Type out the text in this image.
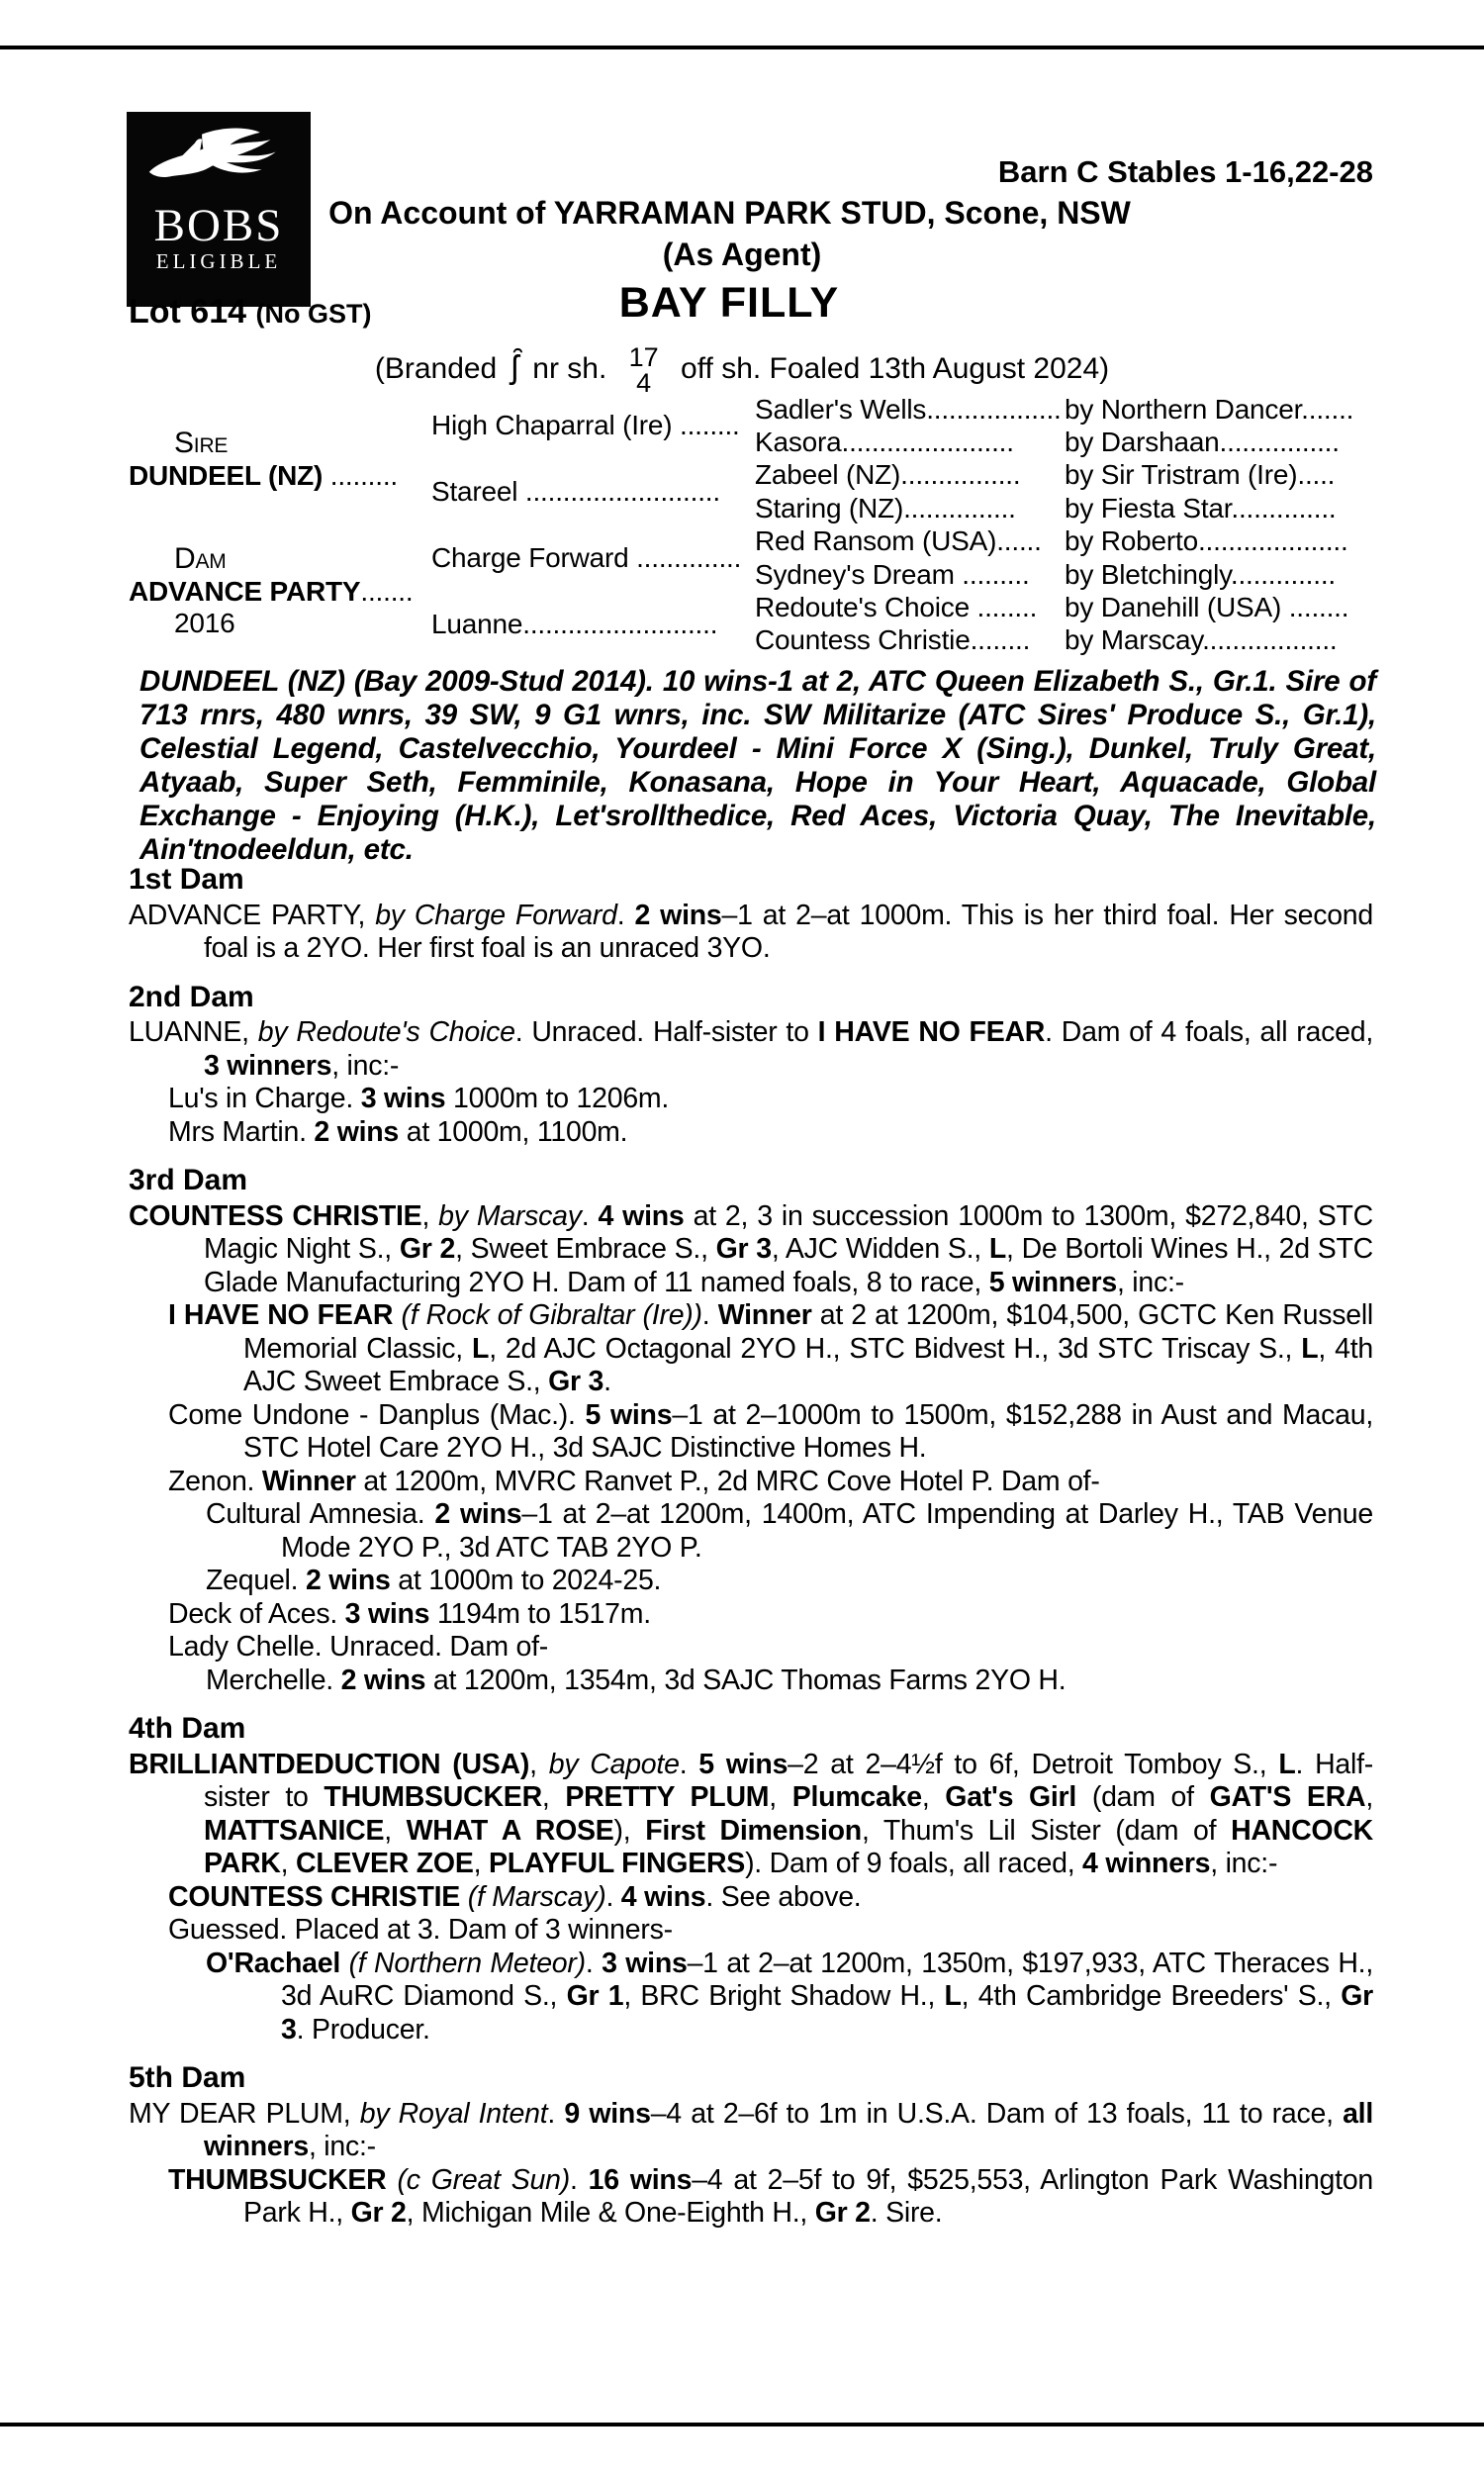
BOBS
ELIGIBLE
Barn C Stables 1-16,22-28
On Account of YARRAMAN PARK STUD, Scone, NSW
(As Agent)
Lot 614 (No GST)	BAY FILLY
(Branded ʃ̑ nr sh. 17
4 off sh. Foaled 13th August 2024)
Sire
DUNDEEL (NZ) .........
Dam
ADVANCE PARTY.......
2016
High Chaparral (Ire) ........
Stareel ..........................
Charge Forward ..............
Luanne..........................
Sadler's Wells..................
Kasora.......................
Zabeel (NZ)................
Staring (NZ)...............
Red Ransom (USA)......
Sydney's Dream .........
Redoute's Choice ........
Countess Christie........
by Northern Dancer.......
by Darshaan................
by Sir Tristram (Ire).....
by Fiesta Star..............
by Roberto....................
by Bletchingly..............
by Danehill (USA) ........
by Marscay..................
DUNDEEL (NZ) (Bay 2009-Stud 2014). 10 wins-1 at 2, ATC Queen Elizabeth S., Gr.1. Sire of 713 rnrs, 480 wnrs, 39 SW, 9 G1 wnrs, inc. SW Militarize (ATC Sires' Produce S., Gr.1), Celestial Legend, Castelvecchio, Yourdeel - Mini Force X (Sing.), Dunkel, Truly Great, Atyaab, Super Seth, Femminile, Konasana, Hope in Your Heart, Aquacade, Global Exchange - Enjoying (H.K.), Let'srollthedice, Red Aces, Victoria Quay, The Inevitable, Ain'tnodeeldun, etc.
1st Dam

ADVANCE PARTY, by Charge Forward. 2 wins–1 at 2–at 1000m. This is her third foal. Her second foal is a 2YO. Her first foal is an unraced 3YO.

2nd Dam

LUANNE, by Redoute's Choice. Unraced. Half-sister to I HAVE NO FEAR. Dam of 4 foals, all raced, 3 winners, inc:-

Lu's in Charge. 3 wins 1000m to 1206m.

Mrs Martin. 2 wins at 1000m, 1100m.

3rd Dam

COUNTESS CHRISTIE, by Marscay. 4 wins at 2, 3 in succession 1000m to 1300m, $272,840, STC Magic Night S., Gr 2, Sweet Embrace S., Gr 3, AJC Widden S., L, De Bortoli Wines H., 2d STC Glade Manufacturing 2YO H. Dam of 11 named foals, 8 to race, 5 winners, inc:-

I HAVE NO FEAR (f Rock of Gibraltar (Ire)). Winner at 2 at 1200m, $104,500, GCTC Ken Russell Memorial Classic, L, 2d AJC Octagonal 2YO H., STC Bidvest H., 3d STC Triscay S., L, 4th AJC Sweet Embrace S., Gr 3.

Come Undone - Danplus (Mac.). 5 wins–1 at 2–1000m to 1500m, $152,288 in Aust and Macau, STC Hotel Care 2YO H., 3d SAJC Distinctive Homes H.

Zenon. Winner at 1200m, MVRC Ranvet P., 2d MRC Cove Hotel P. Dam of-

Cultural Amnesia. 2 wins–1 at 2–at 1200m, 1400m, ATC Impending at Darley H., TAB Venue Mode 2YO P., 3d ATC TAB 2YO P.

Zequel. 2 wins at 1000m to 2024-25.

Deck of Aces. 3 wins 1194m to 1517m.

Lady Chelle. Unraced. Dam of-

Merchelle. 2 wins at 1200m, 1354m, 3d SAJC Thomas Farms 2YO H.

4th Dam

BRILLIANTDEDUCTION (USA), by Capote. 5 wins–2 at 2–4½f to 6f, Detroit Tomboy S., L. Half-sister to THUMBSUCKER, PRETTY PLUM, Plumcake, Gat's Girl (dam of GAT'S ERA, MATTSANICE, WHAT A ROSE), First Dimension, Thum's Lil Sister (dam of HANCOCK PARK, CLEVER ZOE, PLAYFUL FINGERS). Dam of 9 foals, all raced, 4 winners, inc:-

COUNTESS CHRISTIE (f Marscay). 4 wins. See above.

Guessed. Placed at 3. Dam of 3 winners-

O'Rachael (f Northern Meteor). 3 wins–1 at 2–at 1200m, 1350m, $197,933, ATC Theraces H., 3d AuRC Diamond S., Gr 1, BRC Bright Shadow H., L, 4th Cambridge Breeders' S., Gr 3. Producer.

5th Dam

MY DEAR PLUM, by Royal Intent. 9 wins–4 at 2–6f to 1m in U.S.A. Dam of 13 foals, 11 to race, all winners, inc:-

THUMBSUCKER (c Great Sun). 16 wins–4 at 2–5f to 9f, $525,553, Arlington Park Washington Park H., Gr 2, Michigan Mile & One-Eighth H., Gr 2. Sire.
